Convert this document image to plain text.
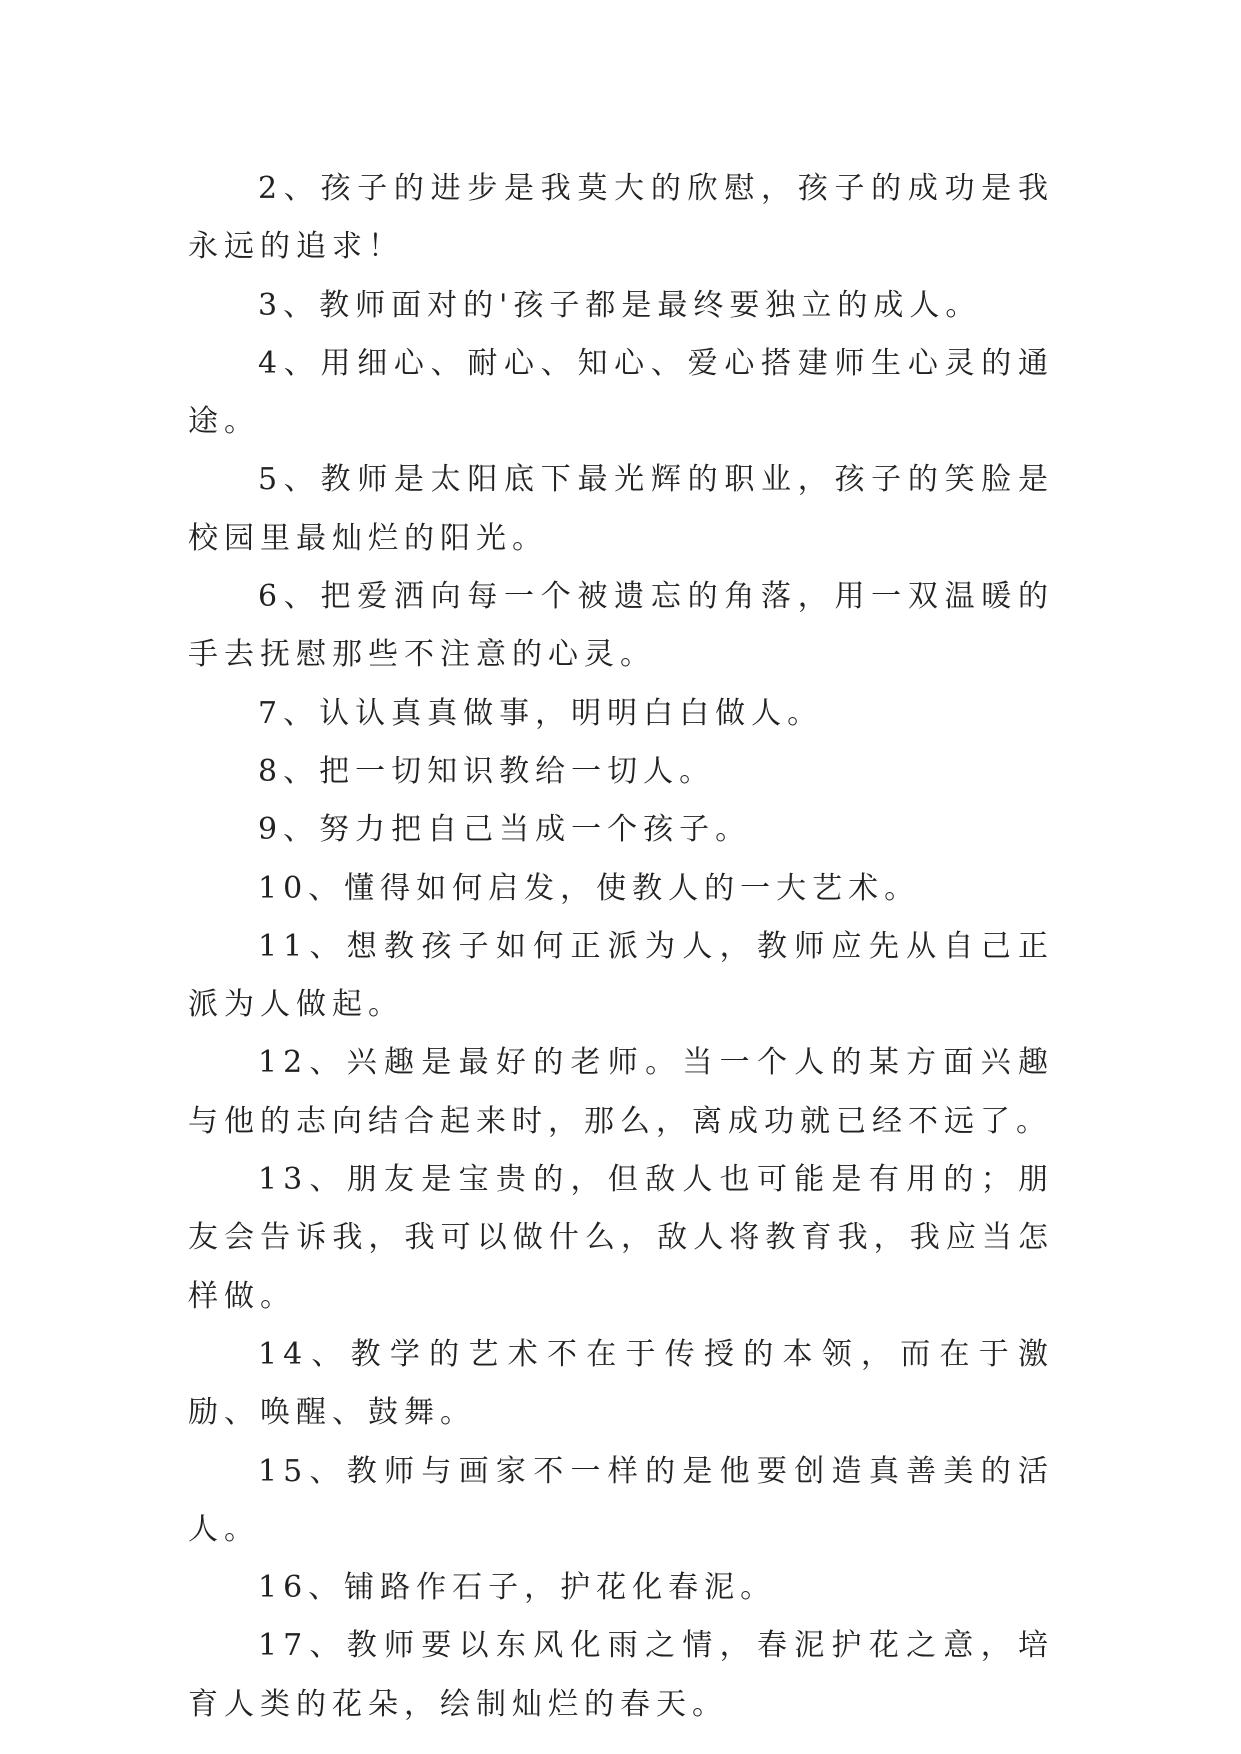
2、孩子的进步是我莫大的欣慰，孩子的成功是我永远的追求！

3、教师面对的'孩子都是最终要独立的成人。

4、用细心、耐心、知心、爱心搭建师生心灵的通途。

5、教师是太阳底下最光辉的职业，孩子的笑脸是校园里最灿烂的阳光。

6、把爱洒向每一个被遗忘的角落，用一双温暖的手去抚慰那些不注意的心灵。

7、认认真真做事，明明白白做人。

8、把一切知识教给一切人。

9、努力把自己当成一个孩子。

10、懂得如何启发，使教人的一大艺术。

11、想教孩子如何正派为人，教师应先从自己正派为人做起。

12、兴趣是最好的老师。当一个人的某方面兴趣与他的志向结合起来时，那么，离成功就已经不远了。

13、朋友是宝贵的，但敌人也可能是有用的；朋友会告诉我，我可以做什么，敌人将教育我，我应当怎样做。

14、教学的艺术不在于传授的本领，而在于激励、唤醒、鼓舞。

15、教师与画家不一样的是他要创造真善美的活人。

16、铺路作石子，护花化春泥。

17、教师要以东风化雨之情，春泥护花之意，培育人类的花朵，绘制灿烂的春天。
